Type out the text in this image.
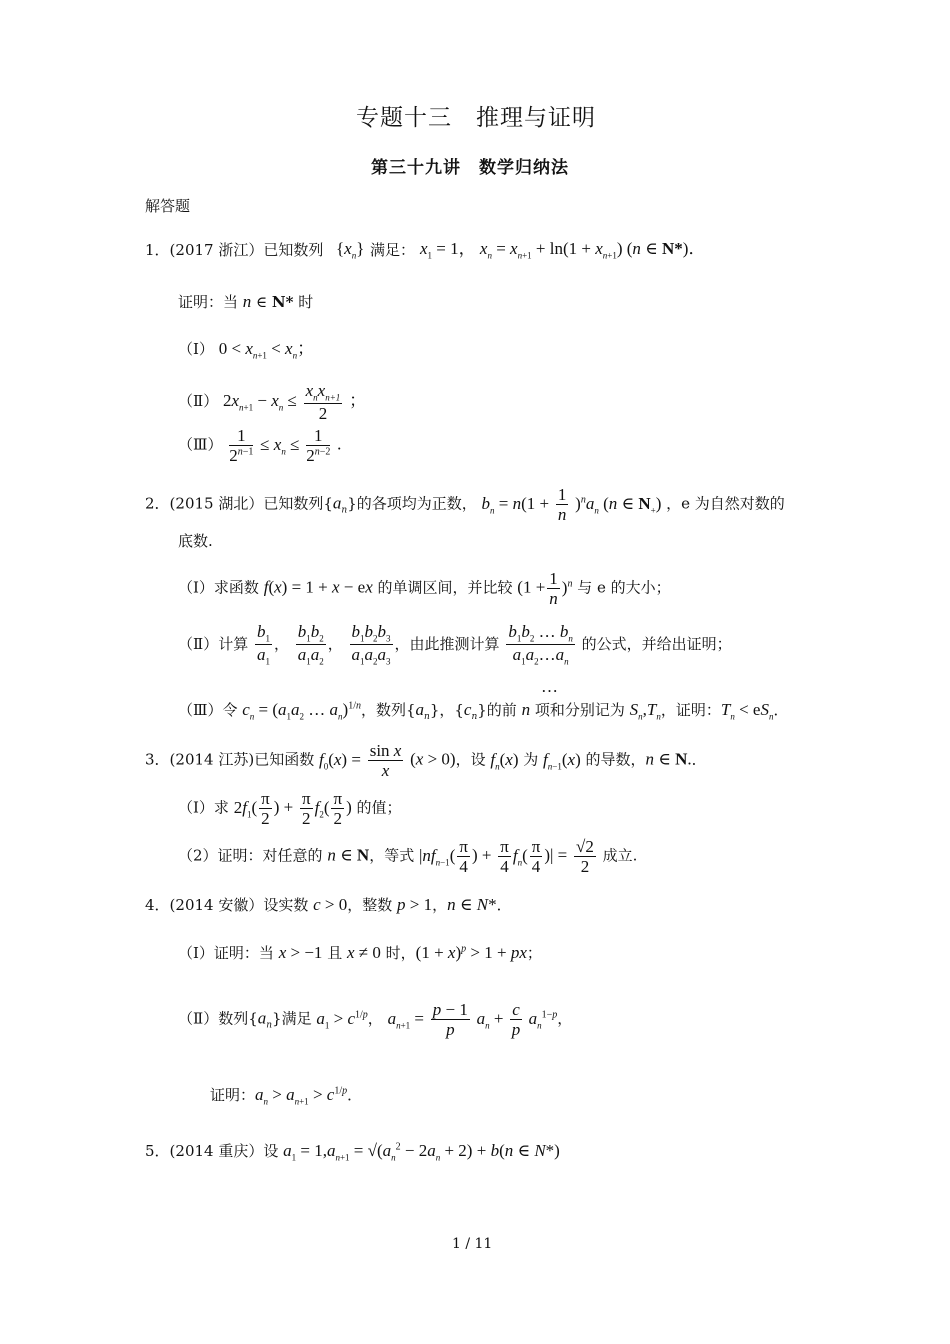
专题十三　推理与证明
第三十九讲　数学归纳法
解答题
1．(2017 浙江）已知数列 $\{x_n\}$ 满足： $x_1 = 1$， $x_n = x_{n+1} + \ln(1 + x_{n+1})$ (n ∈ N*)．
证明：当 n ∈ N* 时
（Ⅰ） $0 < x_{n+1} < x_n$；
（Ⅱ） $2x_{n+1} - x_n \le \frac{x_nx_{n+1}}{2}$ ；
（Ⅲ） $\frac{1}{2^{n-1}} \le x_n \le \frac{1}{2^{n-2}}$ .
2．(2015 湖北）已知数列$\{a_n\}$的各项均为正数， $b_n = n(1 + \frac{1}{n} )^na_n$ (n ∈ $N_+$) ，e 为自然对数的
底数.
（Ⅰ）求函数 f(x) = 1 + x − ex 的单调区间，并比较 $(1 + \frac{1}{n} )^n$ 与 e 的大小；
（Ⅱ）计算 $\frac{b_1}{a_1}$ ， $\frac{b_1b_2}{a_1a_2}$ ， $\frac{b_1b_2b_3}{a_1a_2a_3}$ ，由此推测计算 $\frac{b_1b_2 \dots b_n}{a_1a_2\dots a_n}$ 的公式，并给出证明；
…
（Ⅲ）令 $c_n = (a_1a_2$ … $a_n)^{1/n}$，数列$\{a_n\}$，$\{c_n\}$的前 n 项和分别记为 $S_n,T_n$，证明：$T_n < eS_n$．
3．(2014 江苏)已知函数 $f_0(x) = \frac{\text{sin x}}{x} (x > 0)$，设 $f_n(x)$ 为 $f_{n-1}(x)$ 的导数，n ∈ N.．
（Ⅰ）求 $2f_1( \frac{\pi}{2}$ ) + $\frac{\pi}{2} f_2( \frac{\pi}{2}$ ) 的值；
（2）证明：对任意的 n ∈ N，等式 $|nf_{n-1}( \frac{\pi}{4}$ ) + $\frac{\pi}{4} f_n( \frac{\pi}{4}$ )| = $\frac{√2}{2}$ 成立.
4．(2014 安徽）设实数 c > 0，整数 p > 1，n ∈ N*．
（Ⅰ）证明：当 x > −1 且 x ≠ 0 时，$(1 + x)^p > 1$ + px；
（Ⅱ）数列$\{a_n\}$满足 $a_1 > c^{1/p}$， $a_{n+1} = \frac{p - 1}{p} a_n + \frac{c}{p} a_n^{1-p}$，
证明：$a_n > a_{n+1} > c^{1/p}$．
5．(2014 重庆）设 $a_1 = 1,a_{n+1} = √(a_n^2 - 2a_n + 2) + b(n$ ∈ N*)
1 / 11
